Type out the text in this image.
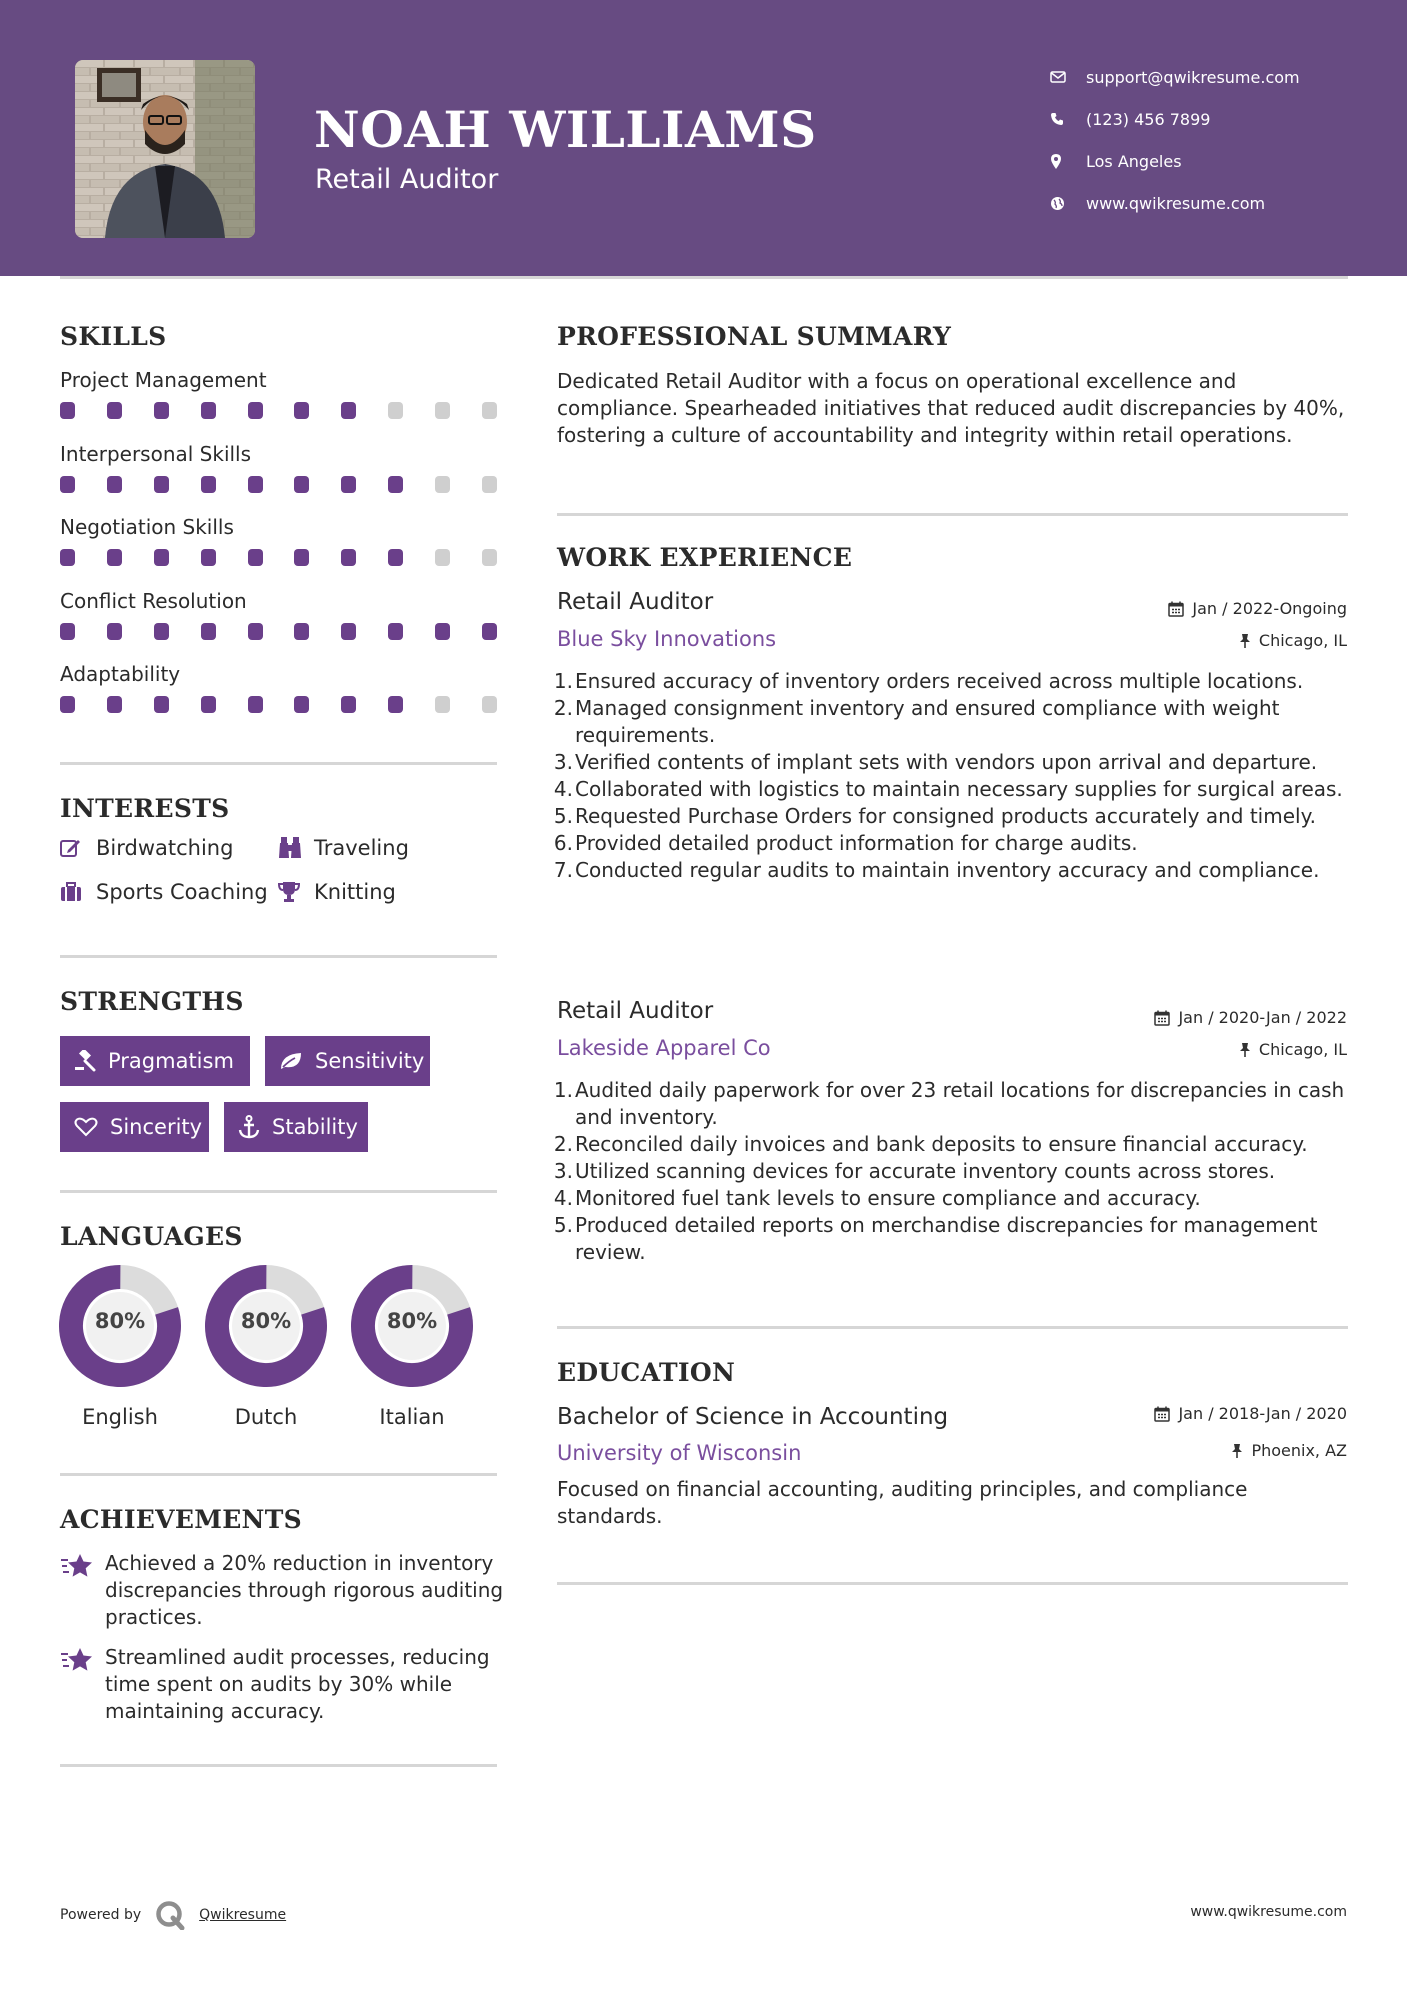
NOAH WILLIAMS
Retail Auditor
support@qwikresume.com
(123) 456 7899
Los Angeles
www.qwikresume.com
SKILLS
Project Management
Interpersonal Skills
Negotiation Skills
Conflict Resolution
Adaptability
INTERESTS
Birdwatching	Traveling
Sports Coaching Knitting
STRENGTHS
Pragmatism	Sensitivity
Sincerity	Stability
LANGUAGES
80%
English
80%
Dutch
80%
Italian
ACHIEVEMENTS
Achieved a 20% reduction in inventory discrepancies through rigorous auditing practices.
Streamlined audit processes, reducing time spent on audits by 30% while maintaining accuracy.
PROFESSIONAL SUMMARY
Dedicated Retail Auditor with a focus on operational excellence and compliance. Spearheaded initiatives that reduced audit discrepancies by 40%, fostering a culture of accountability and integrity within retail operations.
WORK EXPERIENCE
Retail Auditor	Jan / 2022-Ongoing
Blue Sky Innovations	Chicago, IL
1. Ensured accuracy of inventory orders received across multiple locations.
2. Managed consignment inventory and ensured compliance with weight requirements.
3. Verified contents of implant sets with vendors upon arrival and departure.
4. Collaborated with logistics to maintain necessary supplies for surgical areas.
5. Requested Purchase Orders for consigned products accurately and timely.
6. Provided detailed product information for charge audits.
7. Conducted regular audits to maintain inventory accuracy and compliance.
Retail Auditor	Jan / 2020-Jan / 2022
Lakeside Apparel Co	Chicago, IL
1. Audited daily paperwork for over 23 retail locations for discrepancies in cash and inventory.
2. Reconciled daily invoices and bank deposits to ensure financial accuracy.
3. Utilized scanning devices for accurate inventory counts across stores.
4. Monitored fuel tank levels to ensure compliance and accuracy.
5. Produced detailed reports on merchandise discrepancies for management review.
EDUCATION
Bachelor of Science in Accounting	Jan / 2018-Jan / 2020
University of Wisconsin	Phoenix, AZ
Focused on financial accounting, auditing principles, and compliance standards.
Powered by	Qwikresume	www.qwikresume.com
